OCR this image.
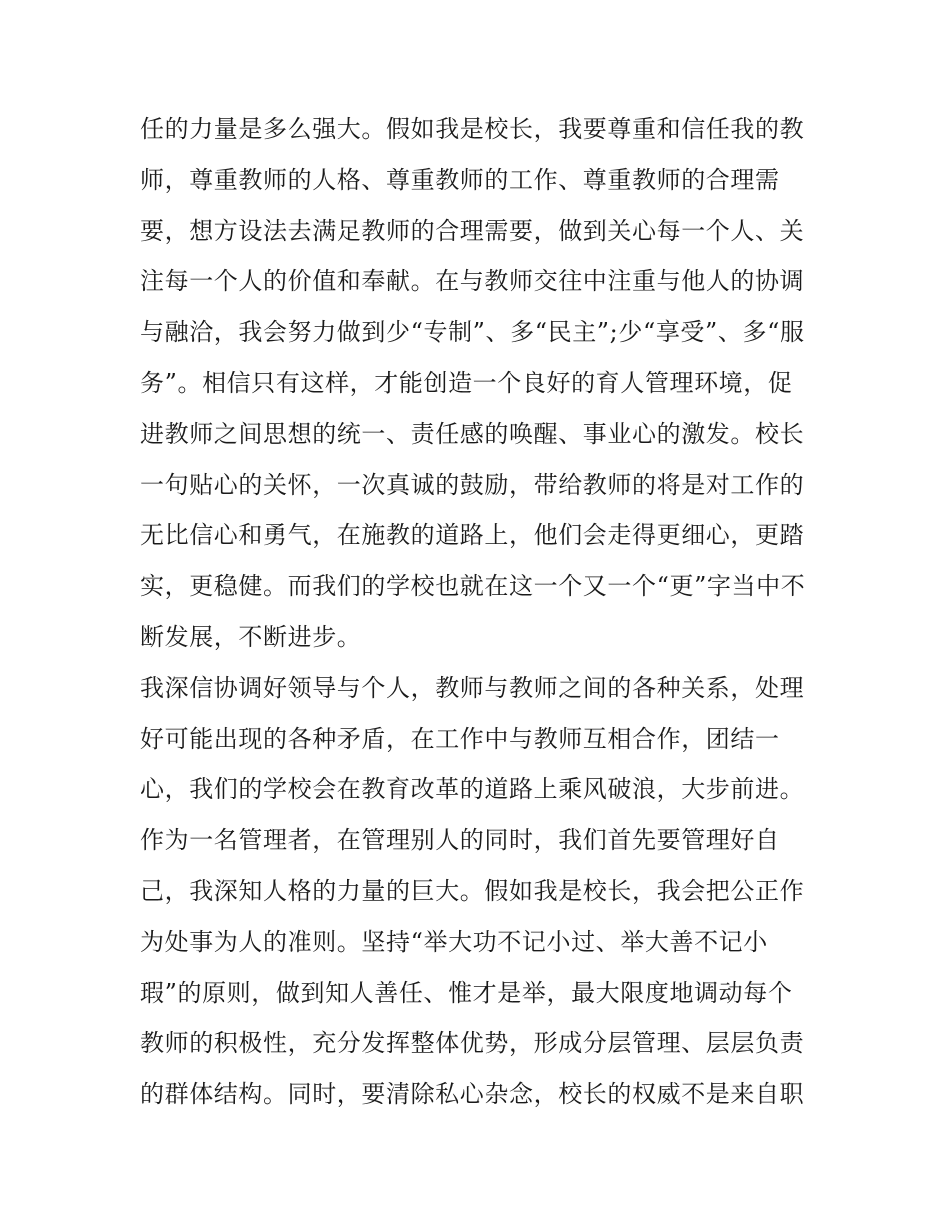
任的力量是多么强大。假如我是校长，我要尊重和信任我的教
师，尊重教师的人格、尊重教师的工作、尊重教师的合理需
要，想方设法去满足教师的合理需要，做到关心每一个人、关
注每一个人的价值和奉献。在与教师交往中注重与他人的协调
与融洽，我会努力做到少“专制”、多“民主”;少“享受”、多“服
务”。相信只有这样，才能创造一个良好的育人管理环境，促
进教师之间思想的统一、责任感的唤醒、事业心的激发。校长
一句贴心的关怀，一次真诚的鼓励，带给教师的将是对工作的
无比信心和勇气，在施教的道路上，他们会走得更细心，更踏
实，更稳健。而我们的学校也就在这一个又一个“更”字当中不
断发展，不断进步。
我深信协调好领导与个人，教师与教师之间的各种关系，处理
好可能出现的各种矛盾，在工作中与教师互相合作，团结一
心，我们的学校会在教育改革的道路上乘风破浪，大步前进。
作为一名管理者，在管理别人的同时，我们首先要管理好自
己，我深知人格的力量的巨大。假如我是校长，我会把公正作
为处事为人的准则。坚持“举大功不记小过、举大善不记小
瑕”的原则，做到知人善任、惟才是举，最大限度地调动每个
教师的积极性，充分发挥整体优势，形成分层管理、层层负责
的群体结构。同时，要清除私心杂念，校长的权威不是来自职
